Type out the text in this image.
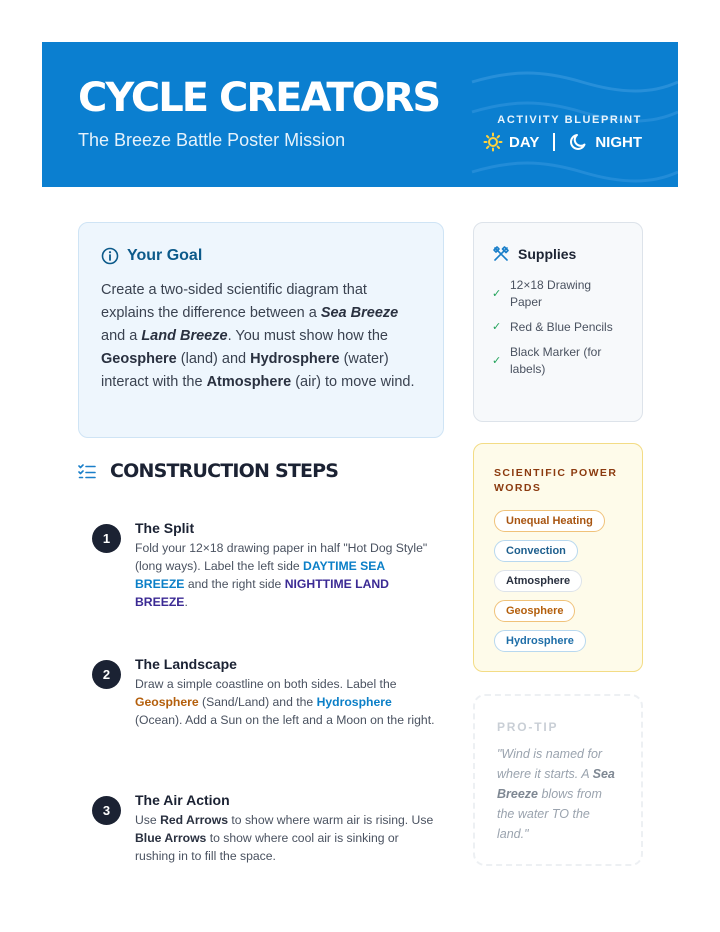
CYCLE CREATORS
The Breeze Battle Poster Mission
ACTIVITY BLUEPRINT
DAY	NIGHT
Your Goal

Create a two-sided scientific diagram that explains the difference between a Sea Breeze and a Land Breeze. You must show how the Geosphere (land) and Hydrosphere (water) interact with the Atmosphere (air) to move wind.

Supplies
✓
12×18 Drawing Paper
✓ Red & Blue Pencils
✓
Black Marker (for labels)
CONSTRUCTION STEPS
1
The Split
Fold your 12×18 drawing paper in half "Hot Dog Style" (long ways). Label the left side DAYTIME SEA BREEZE and the right side NIGHTTIME LAND BREEZE.
2
The Landscape
Draw a simple coastline on both sides. Label the Geosphere (Sand/Land) and the Hydrosphere (Ocean). Add a Sun on the left and a Moon on the right.
3
The Air Action
Use Red Arrows to show where warm air is rising. Use Blue Arrows to show where cool air is sinking or rushing in to fill the space.
SCIENTIFIC POWER WORDS
Unequal Heating
Convection
Atmosphere
Geosphere
Hydrosphere
PRO-TIP
"Wind is named for where it starts. A Sea Breeze blows from the water TO the land."
